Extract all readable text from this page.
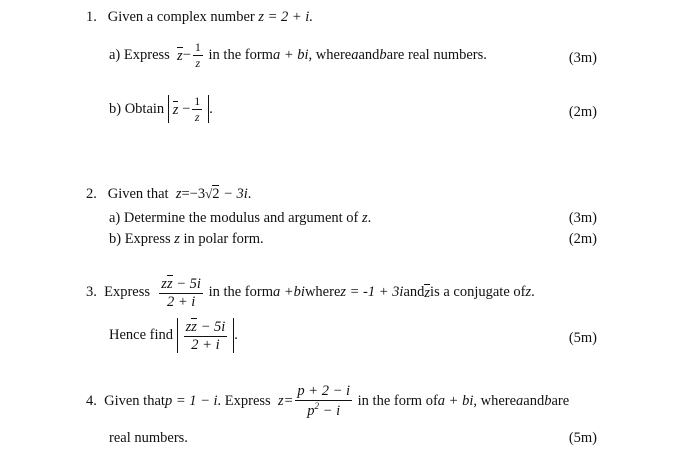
1. Given a complex number z = 2 + i.
a) Express
$z - \frac{1}{z}$
in the form a + bi , where a and b are real numbers.	(3m)
b) Obtain
z
− $\frac{1}{z}$ .	(2m)
2. Given that z=−3√2 − 3i.
a) Determine the modulus and argument of z.	(3m)
b) Express z in polar form.	(2m)
3.
Express
$\frac{zz - 5i}{2 + i}$
in the form a +bi where z = -1 + 3i and z is a conjugate of z .
Hence find
$\frac{zz - 5i}{2 + i}$ .	(5m)
4.
Given that p = 1 − i . Express
$z= \frac{p + 2 - i}{p^2 - i}$
in the form of a + bi , where a and b are
real numbers.	(5m)
